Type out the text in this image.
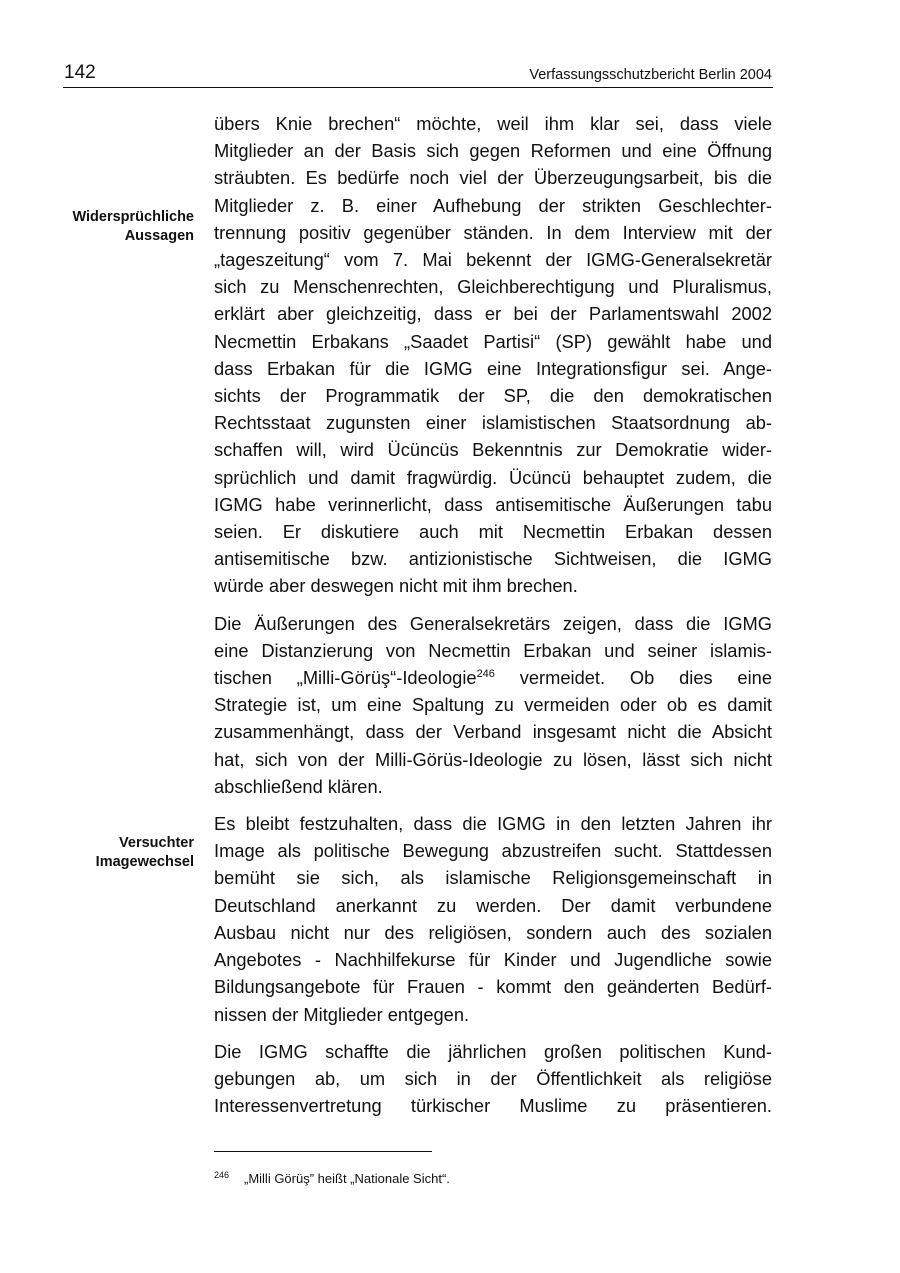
142	Verfassungsschutzbericht Berlin 2004
Widersprüchliche
Aussagen
Versuchter
Imagewechsel
übers Knie brechen“ möchte, weil ihm klar sei, dass viele
Mitglieder an der Basis sich gegen Reformen und eine Öffnung
sträubten. Es bedürfe noch viel der Überzeugungsarbeit, bis die
Mitglieder z. B. einer Aufhebung der strikten Geschlechter-
trennung positiv gegenüber ständen. In dem Interview mit der
„tageszeitung“ vom 7. Mai bekennt der IGMG-Generalsekretär
sich zu Menschenrechten, Gleichberechtigung und Pluralismus,
erklärt aber gleichzeitig, dass er bei der Parlamentswahl 2002
Necmettin Erbakans „Saadet Partisi“ (SP) gewählt habe und
dass Erbakan für die IGMG eine Integrationsfigur sei. Ange-
sichts der Programmatik der SP, die den demokratischen
Rechtsstaat zugunsten einer islamistischen Staatsordnung ab-
schaffen will, wird Ücüncüs Bekenntnis zur Demokratie wider-
sprüchlich und damit fragwürdig. Ücüncü behauptet zudem, die
IGMG habe verinnerlicht, dass antisemitische Äußerungen tabu
seien. Er diskutiere auch mit Necmettin Erbakan dessen
antisemitische bzw. antizionistische Sichtweisen, die IGMG
würde aber deswegen nicht mit ihm brechen.
Die Äußerungen des Generalsekretärs zeigen, dass die IGMG
eine Distanzierung von Necmettin Erbakan und seiner islamis-
tischen „Milli-Görüş“-Ideologie$^{246}$ vermeidet. Ob dies eine
Strategie ist, um eine Spaltung zu vermeiden oder ob es damit
zusammenhängt, dass der Verband insgesamt nicht die Absicht
hat, sich von der Milli-Görüs-Ideologie zu lösen, lässt sich nicht
abschließend klären.
Es bleibt festzuhalten, dass die IGMG in den letzten Jahren ihr
Image als politische Bewegung abzustreifen sucht. Stattdessen
bemüht sie sich, als islamische Religionsgemeinschaft in
Deutschland anerkannt zu werden. Der damit verbundene
Ausbau nicht nur des religiösen, sondern auch des sozialen
Angebotes - Nachhilfekurse für Kinder und Jugendliche sowie
Bildungsangebote für Frauen - kommt den geänderten Bedürf-
nissen der Mitglieder entgegen.
Die IGMG schaffte die jährlichen großen politischen Kund-
gebungen ab, um sich in der Öffentlichkeit als religiöse
Interessenvertretung türkischer Muslime zu präsentieren.
246 „Milli Görüş” heißt „Nationale Sicht“.
